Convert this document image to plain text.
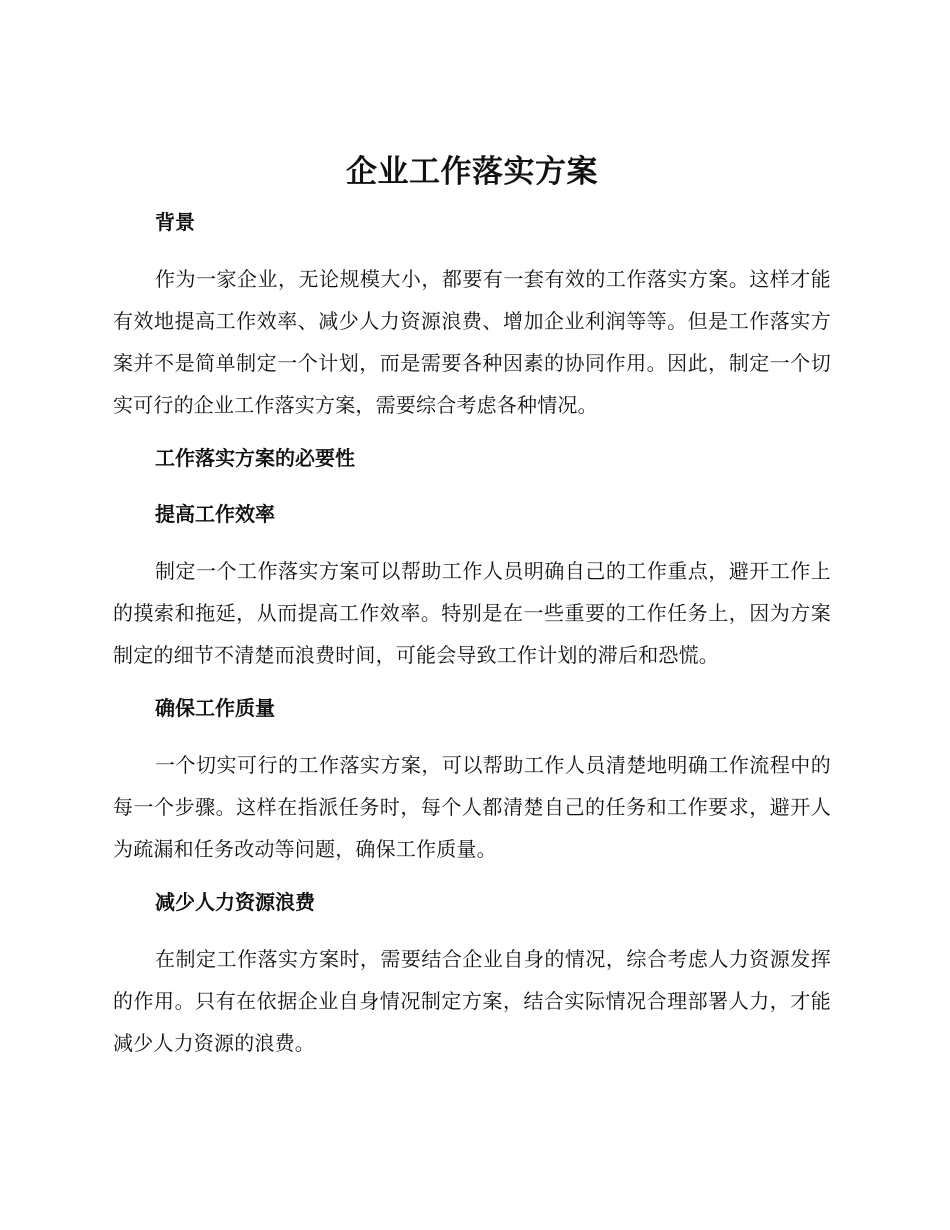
企业工作落实方案
背景

作为一家企业，无论规模大小，都要有一套有效的工作落实方案。这样才能有效地提高工作效率、减少人力资源浪费、增加企业利润等等。但是工作落实方案并不是简单制定一个计划，而是需要各种因素的协同作用。因此，制定一个切实可行的企业工作落实方案，需要综合考虑各种情况。

工作落实方案的必要性
提高工作效率

制定一个工作落实方案可以帮助工作人员明确自己的工作重点，避开工作上的摸索和拖延，从而提高工作效率。特别是在一些重要的工作任务上，因为方案制定的细节不清楚而浪费时间，可能会导致工作计划的滞后和恐慌。

确保工作质量

一个切实可行的工作落实方案，可以帮助工作人员清楚地明确工作流程中的每一个步骤。这样在指派任务时，每个人都清楚自己的任务和工作要求，避开人为疏漏和任务改动等问题，确保工作质量。

减少人力资源浪费

在制定工作落实方案时，需要结合企业自身的情况，综合考虑人力资源发挥的作用。只有在依据企业自身情况制定方案，结合实际情况合理部署人力，才能减少人力资源的浪费。
